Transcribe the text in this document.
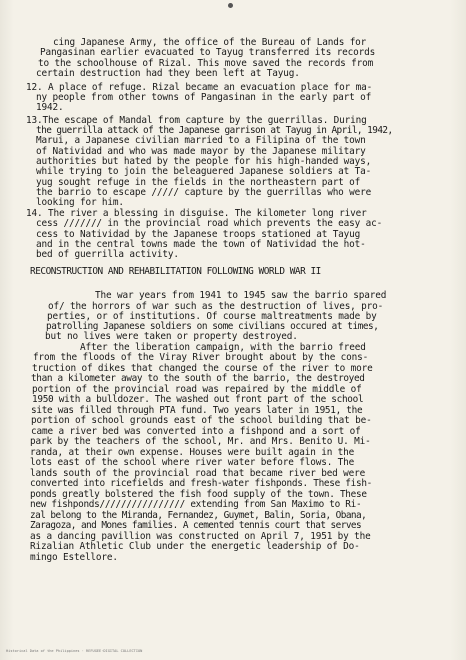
cing Japanese Army, the office of the Bureau of Lands for
Pangasinan earlier evacuated to Tayug transferred its records
to the schoolhouse of Rizal. This move saved the records from
certain destruction had they been left at Tayug.
12. A place of refuge. Rizal became an evacuation place for ma-
ny people from other towns of Pangasinan in the early part of
1942.
13.The escape of Mandal from capture by the guerrillas. During
the guerrilla attack of the Japanese garrison at Tayug in April, 1942,
Marui, a Japanese civilian married to a Filipina of the town
of Natividad and who was made mayor by the Japanese military
authorities but hated by the people for his high-handed ways,
while trying to join the beleaguered Japanese soldiers at Ta-
yug sought refuge in the fields in the northeastern part of
the barrio to escape ///// capture by the guerrillas who were
looking for him.
14. The river a blessing in disguise. The kilometer long river
cess /////// in the provincial road which prevents the easy ac-
cess to Natividad by the Japanese troops stationed at Tayug
and in the central towns made the town of Natividad the hot-
bed of guerrilla activity.
RECONSTRUCTION AND REHABILITATION FOLLOWING WORLD WAR II
The war years from 1941 to 1945 saw the barrio spared
of/ the horrors of war such as the destruction of lives, pro-
perties, or of institutions. Of course maltreatments made by
patrolling Japanese soldiers on some civilians occured at times,
but no lives were taken or property destroyed.
After the liberation campaign, with the barrio freed
from the floods of the Viray River brought about by the cons-
truction of dikes that changed the course of the river to more
than a kilometer away to the south of the barrio, the destroyed
portion of the provincial road was repaired by the middle of
1950 with a bulldozer. The washed out front part of the school
site was filled through PTA fund. Two years later in 1951, the
portion of school grounds east of the school building that be-
came a river bed was converted into a fishpond and a sort of
park by the teachers of the school, Mr. and Mrs. Benito U. Mi-
randa, at their own expense. Houses were built again in the
lots east of the school where river water before flows. The
lands south of the provincial road that became river bed were
converted into ricefields and fresh-water fishponds. These fish-
ponds greatly bolstered the fish food supply of the town. These
new fishponds//////////////// extending from San Maximo to Ri-
zal belong to the Miranda, Fernandez, Guymet, Balin, Soria, Obana,
Zaragoza, and Mones families. A cemented tennis court that serves
as a dancing pavillion was constructed on April 7, 1951 by the
Rizalian Athletic Club under the energetic leadership of Do-
mingo Estellore.
Historical Data of the Philippines · REFUGEE·DIGITAL COLLECTION
